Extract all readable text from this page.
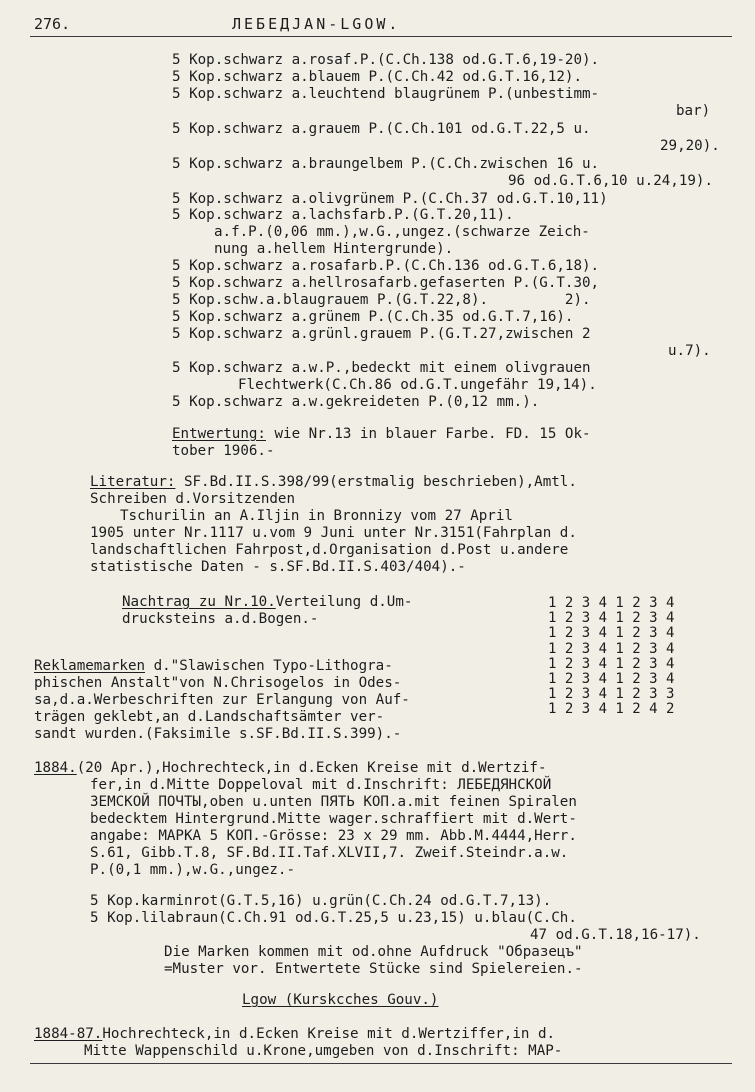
276.	ЛЕБЕДJAN-LGOW.
5 Kop.schwarz a.rosaf.P.(C.Ch.138 od.G.T.6,19-20).
5 Kop.schwarz a.blauem P.(C.Ch.42 od.G.T.16,12).
5 Kop.schwarz a.leuchtend blaugrünem P.(unbestimm-
bar)
5 Kop.schwarz a.grauem P.(C.Ch.101 od.G.T.22,5 u.
29,20).
5 Kop.schwarz a.braungelbem P.(C.Ch.zwischen 16 u.
96 od.G.T.6,10 u.24,19).
5 Kop.schwarz a.olivgrünem P.(C.Ch.37 od.G.T.10,11)
5 Kop.schwarz a.lachsfarb.P.(G.T.20,11).
a.f.P.(0,06 mm.),w.G.,ungez.(schwarze Zeich-
nung a.hellem Hintergrunde).
5 Kop.schwarz a.rosafarb.P.(C.Ch.136 od.G.T.6,18).
5 Kop.schwarz a.hellrosafarb.gefaserten P.(G.T.30,
5 Kop.schw.a.blaugrauem P.(G.T.22,8).         2).
5 Kop.schwarz a.grünem P.(C.Ch.35 od.G.T.7,16).
5 Kop.schwarz a.grünl.grauem P.(G.T.27,zwischen 2
u.7).
5 Kop.schwarz a.w.P.,bedeckt mit einem olivgrauen
Flechtwerk(C.Ch.86 od.G.T.ungefähr 19,14).
5 Kop.schwarz a.w.gekreideten P.(0,12 mm.).
Entwertung: wie Nr.13 in blauer Farbe. FD. 15 Ok-
tober 1906.-
Literatur: SF.Bd.II.S.398/99(erstmalig beschrieben),Amtl.
Schreiben d.Vorsitzenden
Tschurilin an A.Iljin in Bronnizy vom 27 April
1905 unter Nr.1117 u.vom 9 Juni unter Nr.3151(Fahrplan d.
landschaftlichen Fahrpost,d.Organisation d.Post u.andere
statistische Daten - s.SF.Bd.II.S.403/404).-
Nachtrag zu Nr.10.Verteilung d.Um-
drucksteins a.d.Bogen.-
1 2 3 4 1 2 3 4
1 2 3 4 1 2 3 4
1 2 3 4 1 2 3 4
1 2 3 4 1 2 3 4
1 2 3 4 1 2 3 4
1 2 3 4 1 2 3 4
1 2 3 4 1 2 3 3
1 2 3 4 1 2 4 2
Reklamemarken d."Slawischen Typo-Lithogra-
phischen Anstalt"von N.Chrisogelos in Odes-
sa,d.a.Werbeschriften zur Erlangung von Auf-
trägen geklebt,an d.Landschaftsämter ver-
sandt wurden.(Faksimile s.SF.Bd.II.S.399).-
1884.(20 Apr.),Hochrechteck,in d.Ecken Kreise mit d.Wertzif-
fer,in d.Mitte Doppeloval mit d.Inschrift: ЛЕБЕДЯНСКОЙ
ЗЕМСКОЙ ПОЧТЫ,oben u.unten ПЯТЬ КОП.a.mit feinen Spiralen
bedecktem Hintergrund.Mitte wager.schraffiert mit d.Wert-
angabe: МАРКА 5 КОП.-Grösse: 23 x 29 mm. Abb.M.4444,Herr.
S.61, Gibb.T.8, SF.Bd.II.Taf.XLVII,7. Zweif.Steindr.a.w.
P.(0,1 mm.),w.G.,ungez.-
5 Kop.karminrot(G.T.5,16) u.grün(C.Ch.24 od.G.T.7,13).
5 Kop.lilabraun(C.Ch.91 od.G.T.25,5 u.23,15) u.blau(C.Ch.
47 od.G.T.18,16-17).
Die Marken kommen mit od.ohne Aufdruck "Образецъ"
=Muster vor. Entwertete Stücke sind Spielereien.-
Lgow (Kurskсches Gouv.)
1884-87.Hochrechteck,in d.Ecken Kreise mit d.Wertziffer,in d.
Mitte Wappenschild u.Krone,umgeben von d.Inschrift: МАР-
